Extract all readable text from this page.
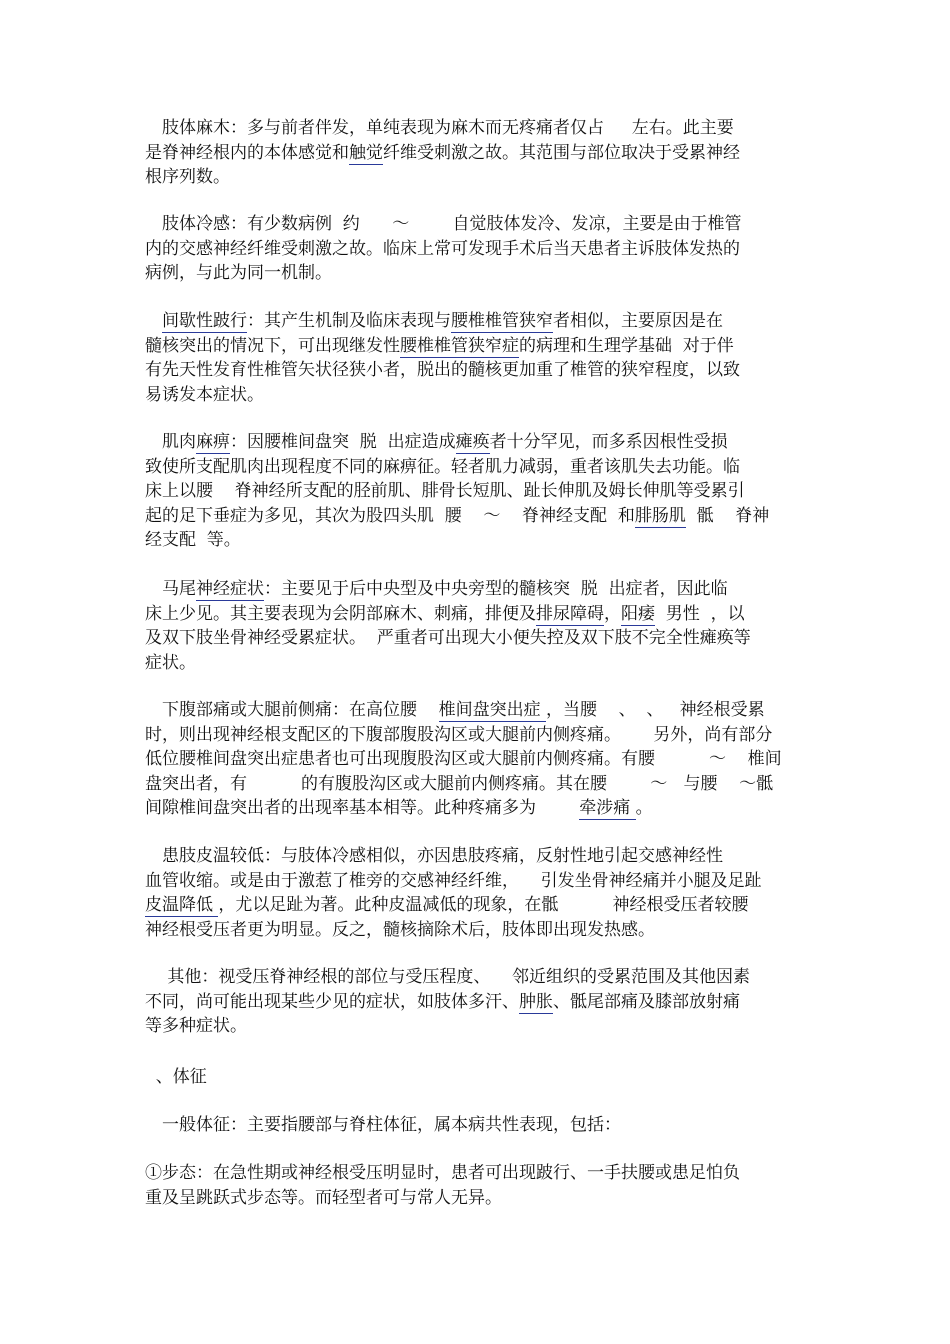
　肢体麻木：多与前者伴发，单纯表现为麻木而无疼痛者仅占　  左右。此主要
是脊神经根内的本体感觉和触觉纤维受刺激之故。其范围与部位取决于受累神经
根序列数。
　肢体冷感：有少数病例  约      ～        自觉肢体发冷、发凉，主要是由于椎管
内的交感神经纤维受刺激之故。临床上常可发现手术后当天患者主诉肢体发热的
病例，与此为同一机制。
　间歇性跛行：其产生机制及临床表现与腰椎椎管狭窄者相似，主要原因是在
髓核突出的情况下，可出现继发性腰椎椎管狭窄症的病理和生理学基础  对于伴
有先天性发育性椎管矢状径狭小者，脱出的髓核更加重了椎管的狭窄程度，以致
易诱发本症状。
　肌肉麻痹：因腰椎间盘突  脱  出症造成瘫痪者十分罕见，而多系因根性受损
致使所支配肌肉出现程度不同的麻痹征。轻者肌力减弱，重者该肌失去功能。临
床上以腰    脊神经所支配的胫前肌、腓骨长短肌、趾长伸肌及姆长伸肌等受累引
起的足下垂症为多见，其次为股四头肌  腰    ～    脊神经支配  和腓肠肌  骶    脊神
经支配  等。
　马尾神经症状：主要见于后中央型及中央旁型的髓核突  脱  出症者，因此临
床上少见。其主要表现为会阴部麻木、刺痛，排便及排尿障碍，阳痿  男性  ，以
及双下肢坐骨神经受累症状。  严重者可出现大小便失控及双下肢不完全性瘫痪等
症状。
　下腹部痛或大腿前侧痛：在高位腰    椎间盘突出症 ，当腰    、  、   神经根受累
时，则出现神经根支配区的下腹部腹股沟区或大腿前内侧疼痛。      另外，尚有部分
低位腰椎间盘突出症患者也可出现腹股沟区或大腿前内侧疼痛。有腰          ～    椎间
盘突出者，有          的有腹股沟区或大腿前内侧疼痛。其在腰        ～   与腰    ～骶
间隙椎间盘突出者的出现率基本相等。此种疼痛多为        牵涉痛 。
　患肢皮温较低：与肢体冷感相似，亦因患肢疼痛，反射性地引起交感神经性
血管收缩。或是由于激惹了椎旁的交感神经纤维，    引发坐骨神经痛并小腿及足趾
皮温降低 ，尤以足趾为著。此种皮温减低的现象，在骶          神经根受压者较腰
神经根受压者更为明显。反之，髓核摘除术后，肢体即出现发热感。
　 其他：视受压脊神经根的部位与受压程度、    邻近组织的受累范围及其他因素
不同，尚可能出现某些少见的症状，如肢体多汗、肿胀、骶尾部痛及膝部放射痛
等多种症状。
、体征
　一般体征：主要指腰部与脊柱体征，属本病共性表现，包括：
①步态：在急性期或神经根受压明显时，患者可出现跛行、一手扶腰或患足怕负
重及呈跳跃式步态等。而轻型者可与常人无异。
